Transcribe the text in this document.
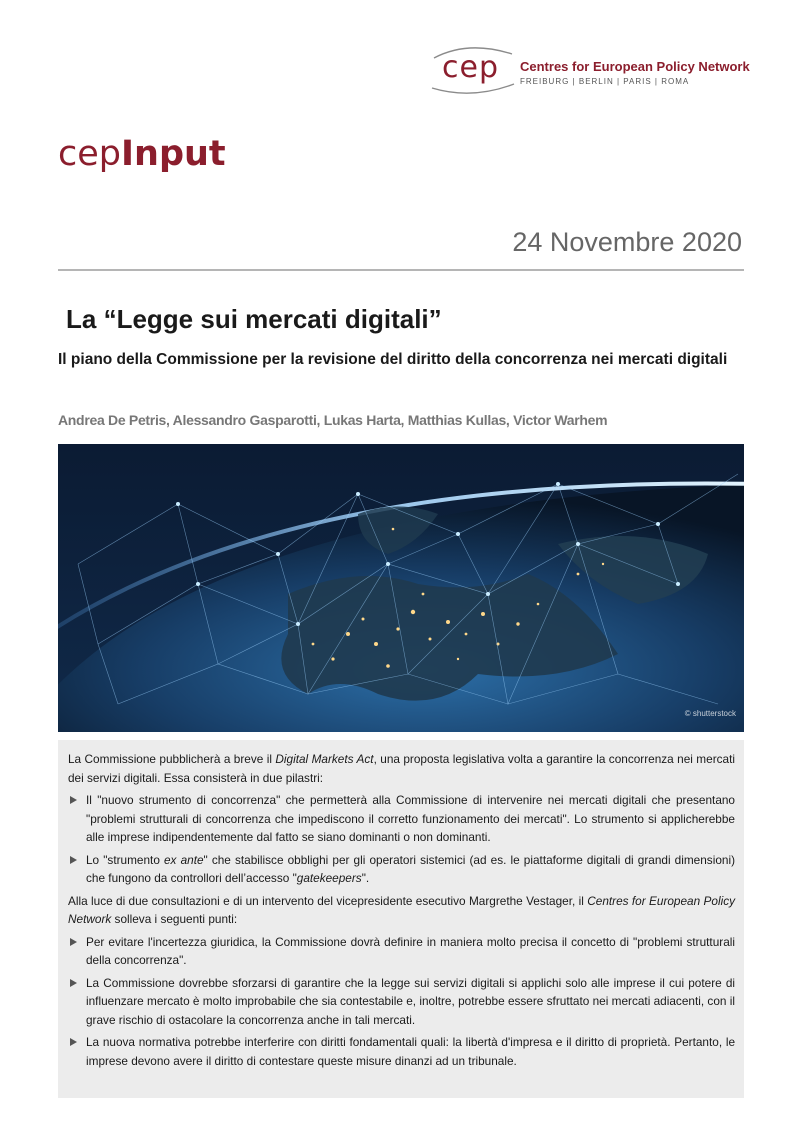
cep Centres for European Policy Network
FREIBURG | BERLIN | PARIS | ROMA
cepInput
24 Novembre 2020
La “Legge sui mercati digitali”
Il piano della Commissione per la revisione del diritto della concorrenza nei mercati digitali
Andrea De Petris, Alessandro Gasparotti, Lukas Harta, Matthias Kullas, Victor Warhem
© shutterstock

La Commissione pubblicherà a breve il Digital Markets Act, una proposta legislativa volta a garantire la concorrenza nei mercati dei servizi digitali. Essa consisterà in due pilastri:

Il "nuovo strumento di concorrenza" che permetterà alla Commissione di intervenire nei mercati digitali che presentano "problemi strutturali di concorrenza che impediscono il corretto funzionamento dei mercati". Lo strumento si applicherebbe alle imprese indipendentemente dal fatto se siano dominanti o non dominanti.
Lo "strumento ex ante" che stabilisce obblighi per gli operatori sistemici (ad es. le piattaforme digitali di grandi dimensioni) che fungono da controllori dell’accesso "gatekeepers".

Alla luce di due consultazioni e di un intervento del vicepresidente esecutivo Margrethe Vestager, il Centres for European Policy Network solleva i seguenti punti:

Per evitare l'incertezza giuridica, la Commissione dovrà definire in maniera molto precisa il concetto di "problemi strutturali della concorrenza".
La Commissione dovrebbe sforzarsi di garantire che la legge sui servizi digitali si applichi solo alle imprese il cui potere di influenzare mercato è molto improbabile che sia contestabile e, inoltre, potrebbe essere sfruttato nei mercati adiacenti, con il grave rischio di ostacolare la concorrenza anche in tali mercati.
La nuova normativa potrebbe interferire con diritti fondamentali quali: la libertà d'impresa e il diritto di proprietà. Pertanto, le imprese devono avere il diritto di contestare queste misure dinanzi ad un tribunale.
